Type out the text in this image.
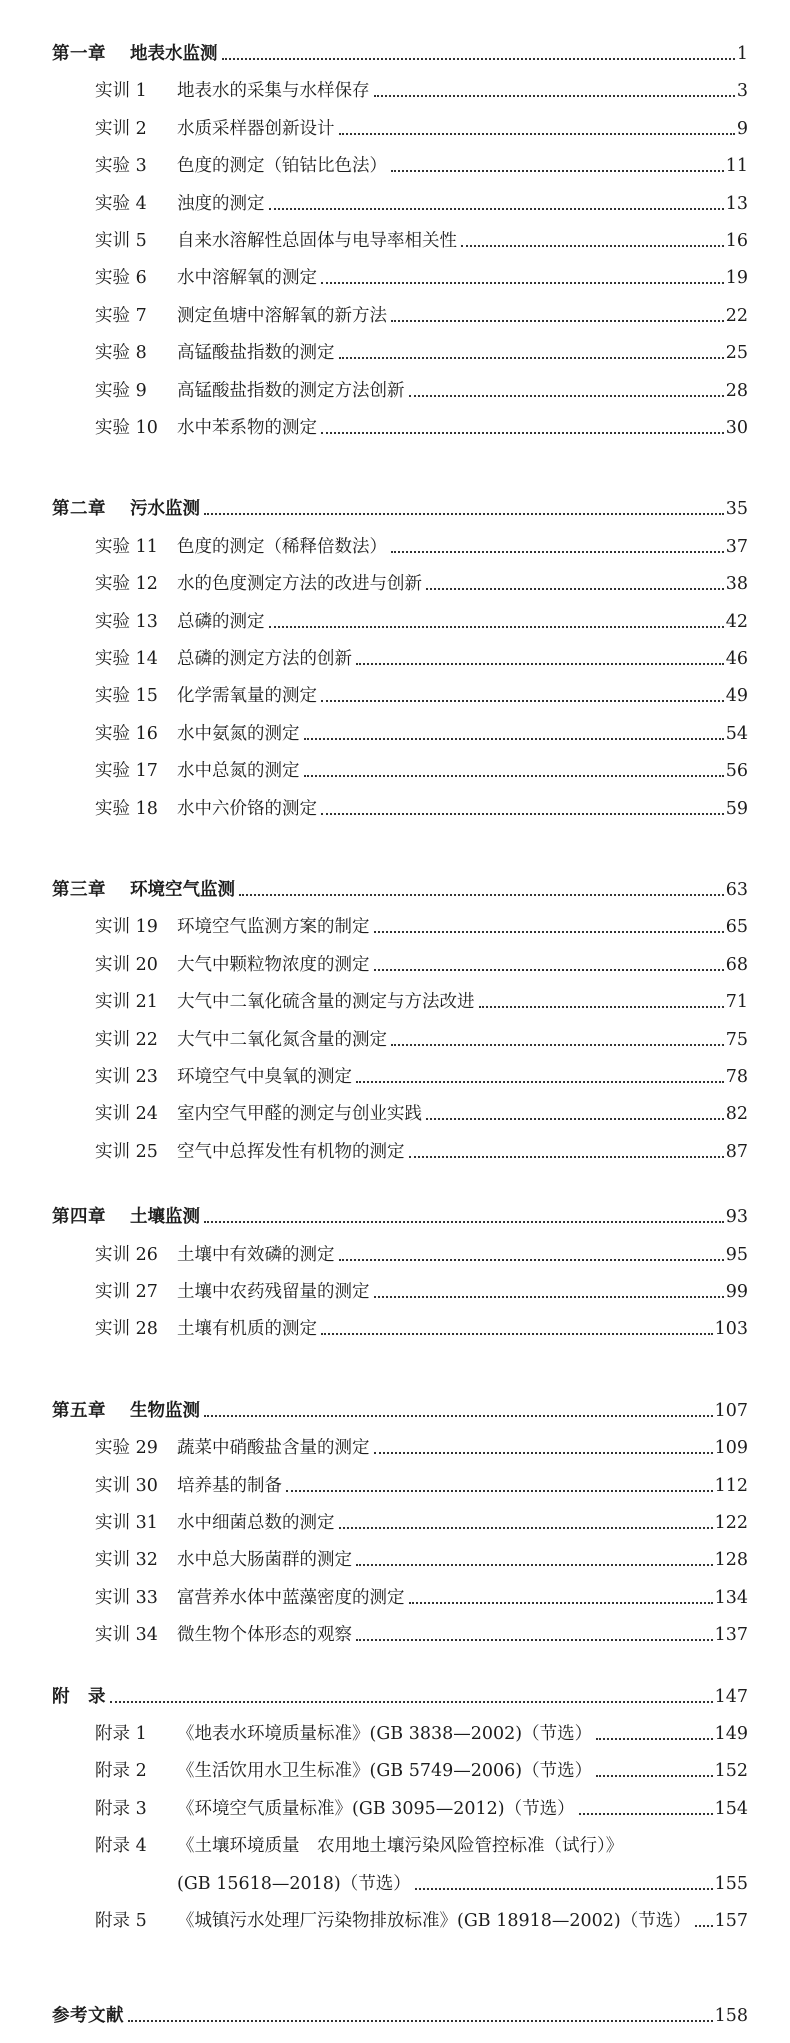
第一章 地表水监测	1
实训 1	地表水的采集与水样保存	3
实训 2	水质采样器创新设计	9
实验 3	色度的测定（铂钴比色法）	11
实验 4	浊度的测定	13
实训 5	自来水溶解性总固体与电导率相关性	16
实验 6	水中溶解氧的测定	19
实验 7	测定鱼塘中溶解氧的新方法	22
实验 8	高锰酸盐指数的测定	25
实验 9	高锰酸盐指数的测定方法创新	28
实验 10	水中苯系物的测定	30
第二章 污水监测	35
实验 11	色度的测定（稀释倍数法）	37
实验 12	水的色度测定方法的改进与创新	38
实验 13	总磷的测定	42
实验 14	总磷的测定方法的创新	46
实验 15	化学需氧量的测定	49
实验 16	水中氨氮的测定	54
实验 17	水中总氮的测定	56
实验 18	水中六价铬的测定	59
第三章 环境空气监测	63
实训 19	环境空气监测方案的制定	65
实训 20	大气中颗粒物浓度的测定	68
实训 21	大气中二氧化硫含量的测定与方法改进	71
实训 22	大气中二氧化氮含量的测定	75
实训 23	环境空气中臭氧的测定	78
实训 24	室内空气甲醛的测定与创业实践	82
实训 25	空气中总挥发性有机物的测定	87
第四章 土壤监测	93
实训 26	土壤中有效磷的测定	95
实训 27	土壤中农药残留量的测定	99
实训 28	土壤有机质的测定	103
第五章 生物监测	107
实验 29	蔬菜中硝酸盐含量的测定	109
实训 30	培养基的制备	112
实训 31	水中细菌总数的测定	122
实训 32	水中总大肠菌群的测定	128
实训 33	富营养水体中蓝藻密度的测定	134
实训 34	微生物个体形态的观察	137
附　录	147
附录 1	《地表水环境质量标准》(GB 3838—2002)（节选）	149
附录 2	《生活饮用水卫生标准》(GB 5749—2006)（节选）	152
附录 3	《环境空气质量标准》(GB 3095—2012)（节选）	154
附录 4	《土壤环境质量　农用地土壤污染风险管控标准（试行）》
(GB 15618—2018)（节选）	155
附录 5	《城镇污水处理厂污染物排放标准》(GB 18918—2002)（节选） 157
参考文献	158
